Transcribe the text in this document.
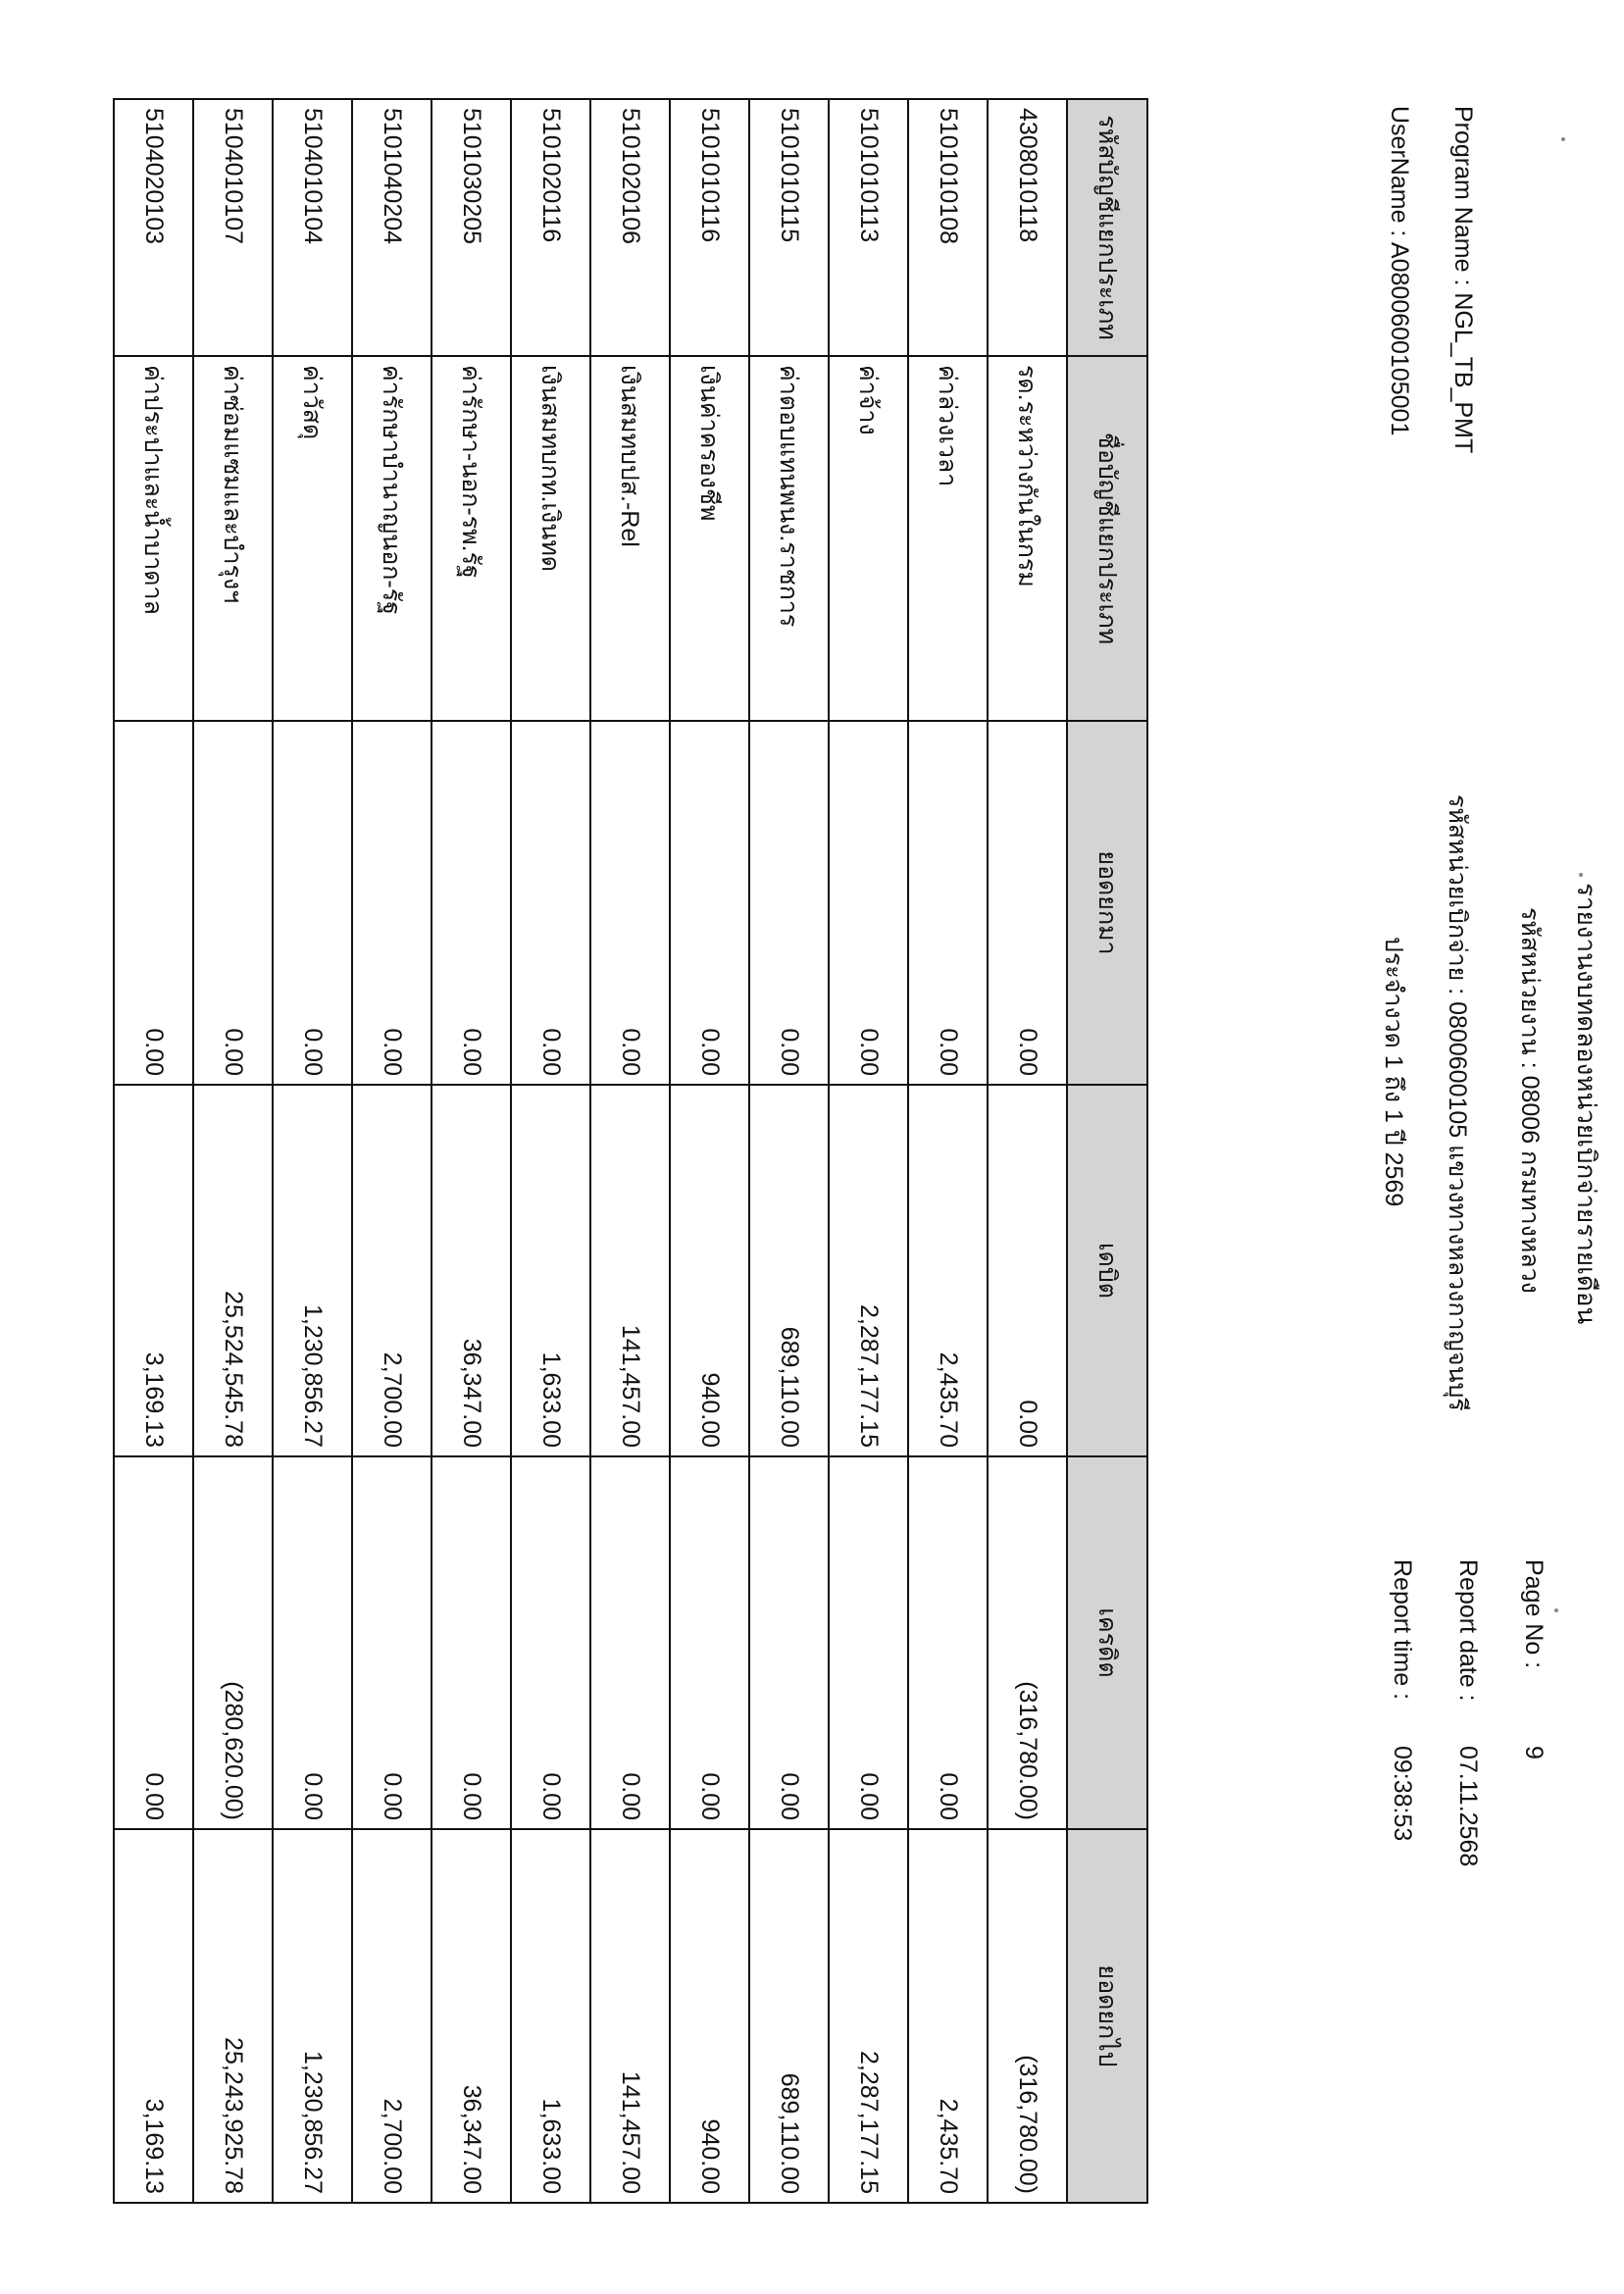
รายงานงบทดลองหน่วยเบิกจ่ายรายเดือน
รหัสหน่วยงาน : 08006 กรมทางหลวง
Program Name : NGL_TB_PMT
รหัสหน่วยเบิกจ่าย : 0800600105 แขวงทางหลวงกาญจนบุรี
UserName : A0800600105001
ประจำงวด 1 ถึง 1 ปี 2569
Page No :
9
Report date :
07.11.2568
Report time :
09:38:53
รหัสบัญชีแยกประเภท	ชื่อบัญชีแยกประเภท	ยอดยกมา	เดบิต	เครดิต	ยอดยกไป
4308010118	รด.ระหว่างกันในกรม	0.00	0.00	(316,780.00)	(316,780.00)
5101010108	ค่าล่วงเวลา	0.00	2,435.70	0.00	2,435.70
5101010113	ค่าจ้าง	0.00	2,287,177.15	0.00	2,287,177.15
5101010115	ค่าตอบแทนพนง.ราชการ	0.00	689,110.00	0.00	689,110.00
5101010116	เงินค่าครองชีพ	0.00	940.00	0.00	940.00
5101020106	เงินสมทบปส.-Rel	0.00	141,457.00	0.00	141,457.00
5101020116	เงินสมทบกท.เงินทด	0.00	1,633.00	0.00	1,633.00
5101030205	ค่ารักษา-นอก-รพ.รัฐ	0.00	36,347.00	0.00	36,347.00
5101040204	ค่ารักษาบำนาญนอก-รัฐ	0.00	2,700.00	0.00	2,700.00
5104010104	ค่าวัสดุ	0.00	1,230,856.27	0.00	1,230,856.27
5104010107	ค่าซ่อมแซมและบำรุงฯ	0.00	25,524,545.78	(280,620.00)	25,243,925.78
5104020103	ค่าประปาและน้ำบาดาล	0.00	3,169.13	0.00	3,169.13
